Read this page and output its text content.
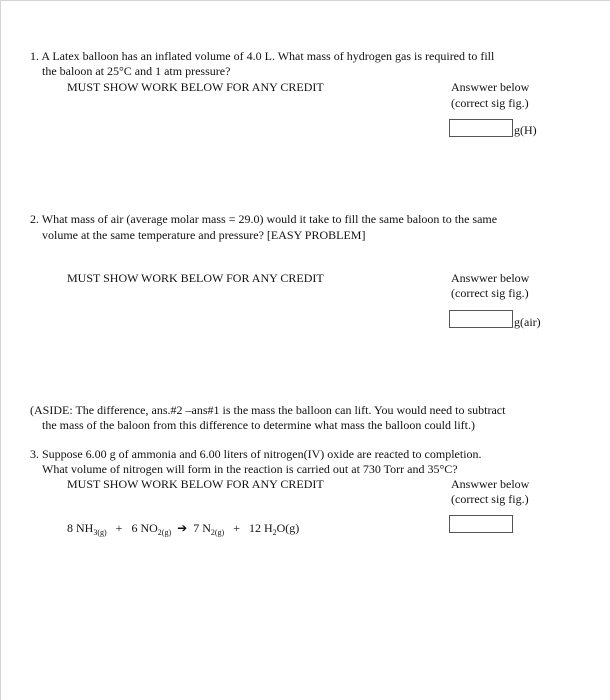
1. A Latex balloon has an inflated volume of 4.0 L. What mass of hydrogen gas is required to fill
the baloon at 25°C and 1 atm pressure?
MUST SHOW WORK BELOW FOR ANY CREDIT	Answwer below
(correct sig fig.)
g(H)
2. What mass of air (average molar mass = 29.0) would it take to fill the same baloon to the same
volume at the same temperature and pressure? [EASY PROBLEM]
MUST SHOW WORK BELOW FOR ANY CREDIT	Answwer below
(correct sig fig.)
g(air)
(ASIDE: The difference, ans.#2 –ans#1 is the mass the balloon can lift. You would need to subtract
the mass of the baloon from this difference to determine what mass the balloon could lift.)
3. Suppose 6.00 g of ammonia and 6.00 liters of nitrogen(IV) oxide are reacted to completion.
What volume of nitrogen will form in the reaction is carried out at 730 Torr and 35°C?
MUST SHOW WORK BELOW FOR ANY CREDIT	Answwer below
(correct sig fig.)
8 $NH_{3(g)} + 6$ $NO_{2(g)}$ ➔ 7 $N_{2(g)} + 12$ $H_2O(g)$
